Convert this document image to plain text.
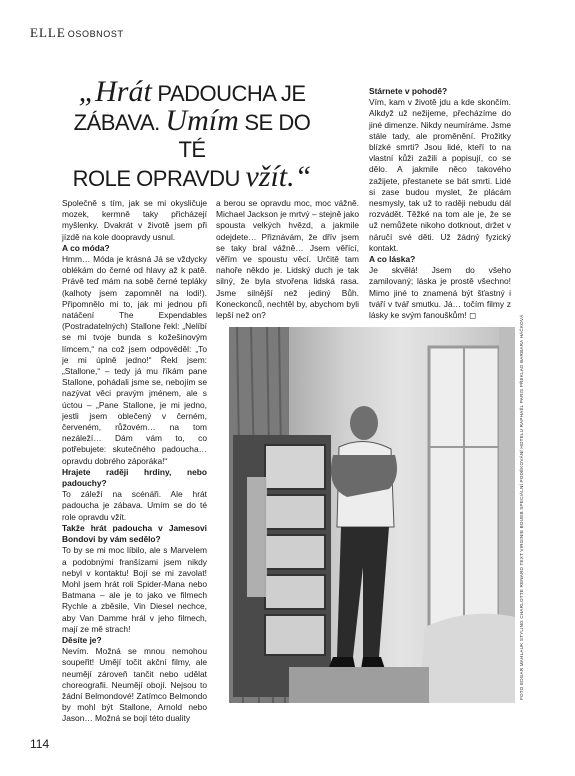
ELLE OSOBNOST
„Hrát PADOUCHA JE
ZÁBAVA. Umím SE DO TÉ
ROLE OPRAVDU vžít.“

Společně s tím, jak se mi okysličuje mozek, kermně taky přicházejí myšlenky. Dvakrát v životě jsem při jízdě na kole doopravdy usnul.

A co móda?

Hmm… Móda je krásná Já se vždycky oblékám do černé od hlavy až k patě. Právě teď mám na sobě černé tepláky (kalhoty jsem zapomněl na lodi!). Připomnělo mi to, jak mi jednou při natáčení The Expendables (Postradatelných) Stallone řekl: „Nelíbí se mi tvoje bunda s kožešinovým límcem,“ na což jsem odpověděl: „To je mi úplně jedno!“ Řekl jsem: „Stallone,“ – tedy já mu říkám pane Stallone, pohádali jsme se, nebojím se nazývat věci pravým jménem, ale s úctou – „Pane Stallone, je mi jedno, jestli jsem oblečený v černém, červeném, růžovém… na tom nezáleží… Dám vám to, co potřebujete: skutečného padoucha… opravdu dobrého záporáka!“

Hrajete raději hrdiny, nebo padouchy?

To záleží na scénáři. Ale hrát padoucha je zábava. Umím se do té role opravdu vžít.

Takže hrát padoucha v Jamesovi Bondovi by vám sedělo?

To by se mi moc líbilo, ale s Marvelem a podobnými franšízami jsem nikdy nebyl v kontaktu! Bojí se mi zavolat! Mohl jsem hrát roli Spider-Mana nebo Batmana – ale je to jako ve filmech Rychle a zběsile, Vin Diesel nechce, aby Van Damme hrál v jeho filmech, mají ze mě strach!

Děsíte je?

Nevím. Možná se mnou nemohou soupeřit! Umějí točit akční filmy, ale neumějí zároveň tančit nebo udělat choreografii. Neumějí obojí. Nejsou to žádní Belmondové! Zatímco Belmondo by mohl být Stallone, Arnold nebo Jason… Možná se bojí této duality

a berou se opravdu moc, moc vážně. Michael Jackson je mrtvý – stejně jako spousta velkých hvězd, a jakmile odejdete… Přiznávám, že dřív jsem se taky bral vážně… Jsem věřící, věřím ve spoustu věcí. Určitě tam nahoře někdo je. Lidský duch je tak silný, že byla stvořena lidská rasa. Jsme silnější než jediný Bůh. Koneckonců, nechtěl by, abychom byli lepší než on?

Stárnete v pohodě?

Vím, kam v životě jdu a kde skončím. Alkdyž už nežijeme, přecházíme do jiné dimenze. Nikdy neumíráme. Jsme stále tady, ale proměnění. Prožitky blízké smrti? Jsou lidé, kteří to na vlastní kůži zažili a popisují, co se dělo. A jakmile něco takového zažijete, přestanete se bát smrti. Lidé si zase budou myslet, že plácám nesmysly, tak už to raději nebudu dál rozvádět. Těžké na tom ale je, že se už nemůžete nikoho dotknout, držet v náručí své děti. Už žádný fyzický kontakt.

A co láska?

Je skvělá! Jsem do všeho zamilovaný; láska je prostě všechno! Mimo jiné to znamená být šťastný i tváří v tvář smutku. Já… točím filmy z lásky ke svým fanouškům! ◻	FOTO EDGAR MAHLAUK STYLING CHARLOTTE RENARD TEXT VIRGINIE BOUEB SPECIÁLNÍ PODĚKOVÁNÍ HOTELU RAPHAËL PARIS PŘEKLAD BARBARA HÁČKOVÁ
114
